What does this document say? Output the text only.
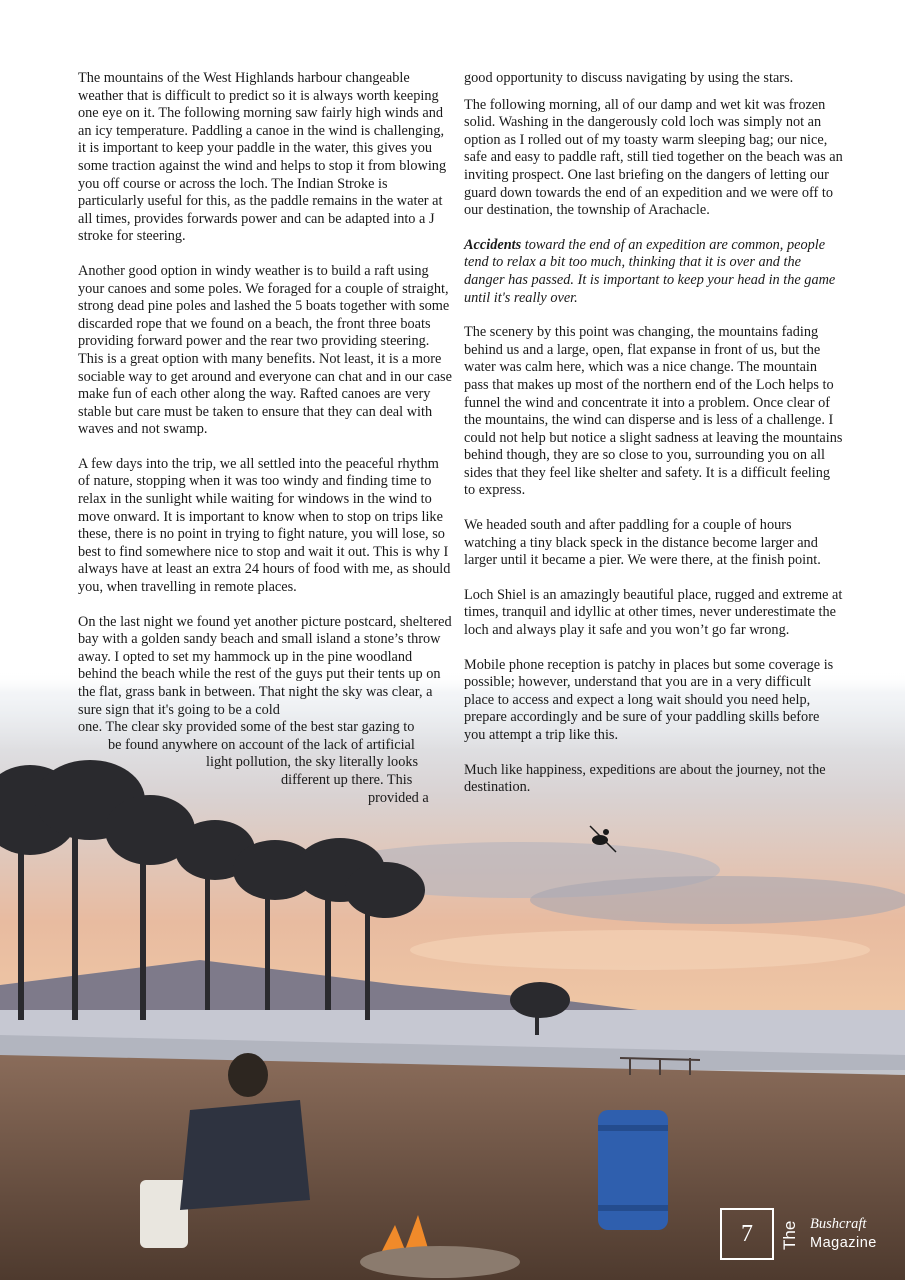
The mountains of the West Highlands harbour changeable weather that is difficult to predict so it is always worth keeping one eye on it. The following morning saw fairly high winds and an icy temperature. Paddling a canoe in the wind is challenging, it is important to keep your paddle in the water, this gives you some traction against the wind and helps to stop it from blowing you off course or across the loch. The Indian Stroke is particularly useful for this, as the paddle remains in the water at all times, provides forwards power and can be adapted into a J stroke for steering.

Another good option in windy weather is to build a raft using your canoes and some poles. We foraged for a couple of straight, strong dead pine poles and lashed the 5 boats together with some discarded rope that we found on a beach, the front three boats providing forward power and the rear two providing steering. This is a great option with many benefits. Not least, it is a more sociable way to get around and everyone can chat and in our case make fun of each other along the way. Rafted canoes are very stable but care must be taken to ensure that they can deal with waves and not swamp.

A few days into the trip, we all settled into the peaceful rhythm of nature, stopping when it was too windy and finding time to relax in the sunlight while waiting for windows in the wind to move onward. It is important to know when to stop on trips like these, there is no point in trying to fight nature, you will lose, so best to find somewhere nice to stop and wait it out. This is why I always have at least an extra 24 hours of food with me, as should you, when travelling in remote places.

On the last night we found yet another picture postcard, sheltered bay with a golden sandy beach and small island a stone’s throw away. I opted to set my hammock up in the pine woodland behind the beach while the rest of the guys put their tents up on the flat, grass bank in between. That night the sky was clear, a sure sign that it's going to be a cold

one. The clear sky provided some of the best star gazing to
be found anywhere on account of the lack of artificial
light pollution, the sky literally looks
different up there. This
provided a

good opportunity to discuss navigating by using the stars.

The following morning, all of our damp and wet kit was frozen solid. Washing in the dangerously cold loch was simply not an option as I rolled out of my toasty warm sleeping bag; our nice, safe and easy to paddle raft, still tied together on the beach was an inviting prospect. One last briefing on the dangers of letting our guard down towards the end of an expedition and we were off to our destination, the township of Arachacle.

Accidents toward the end of an expedition are common, people tend to relax a bit too much, thinking that it is over and the danger has passed. It is important to keep your head in the game until it's really over.

The scenery by this point was changing, the mountains fading behind us and a large, open, flat expanse in front of us, but the water was calm here, which was a nice change. The mountain pass that makes up most of the northern end of the Loch helps to funnel the wind and concentrate it into a problem. Once clear of the mountains, the wind can disperse and is less of a challenge. I could not help but notice a slight sadness at leaving the mountains behind though, they are so close to you, surrounding you on all sides that they feel like shelter and safety. It is a difficult feeling to express.

We headed south and after paddling for a couple of hours watching a tiny black speck in the distance become larger and larger until it became a pier. We were there, at the finish point.

Loch Shiel is an amazingly beautiful place, rugged and extreme at times, tranquil and idyllic at other times, never underestimate the loch and always play it safe and you won’t go far wrong.

Mobile phone reception is patchy in places but some coverage is possible; however, understand that you are in a very difficult place to access and expect a long wait should you need help, prepare accordingly and be sure of your paddling skills before you attempt a trip like this.

Much like happiness, expeditions are about the journey, not the destination.

7	The Bushcraft
Magazine
